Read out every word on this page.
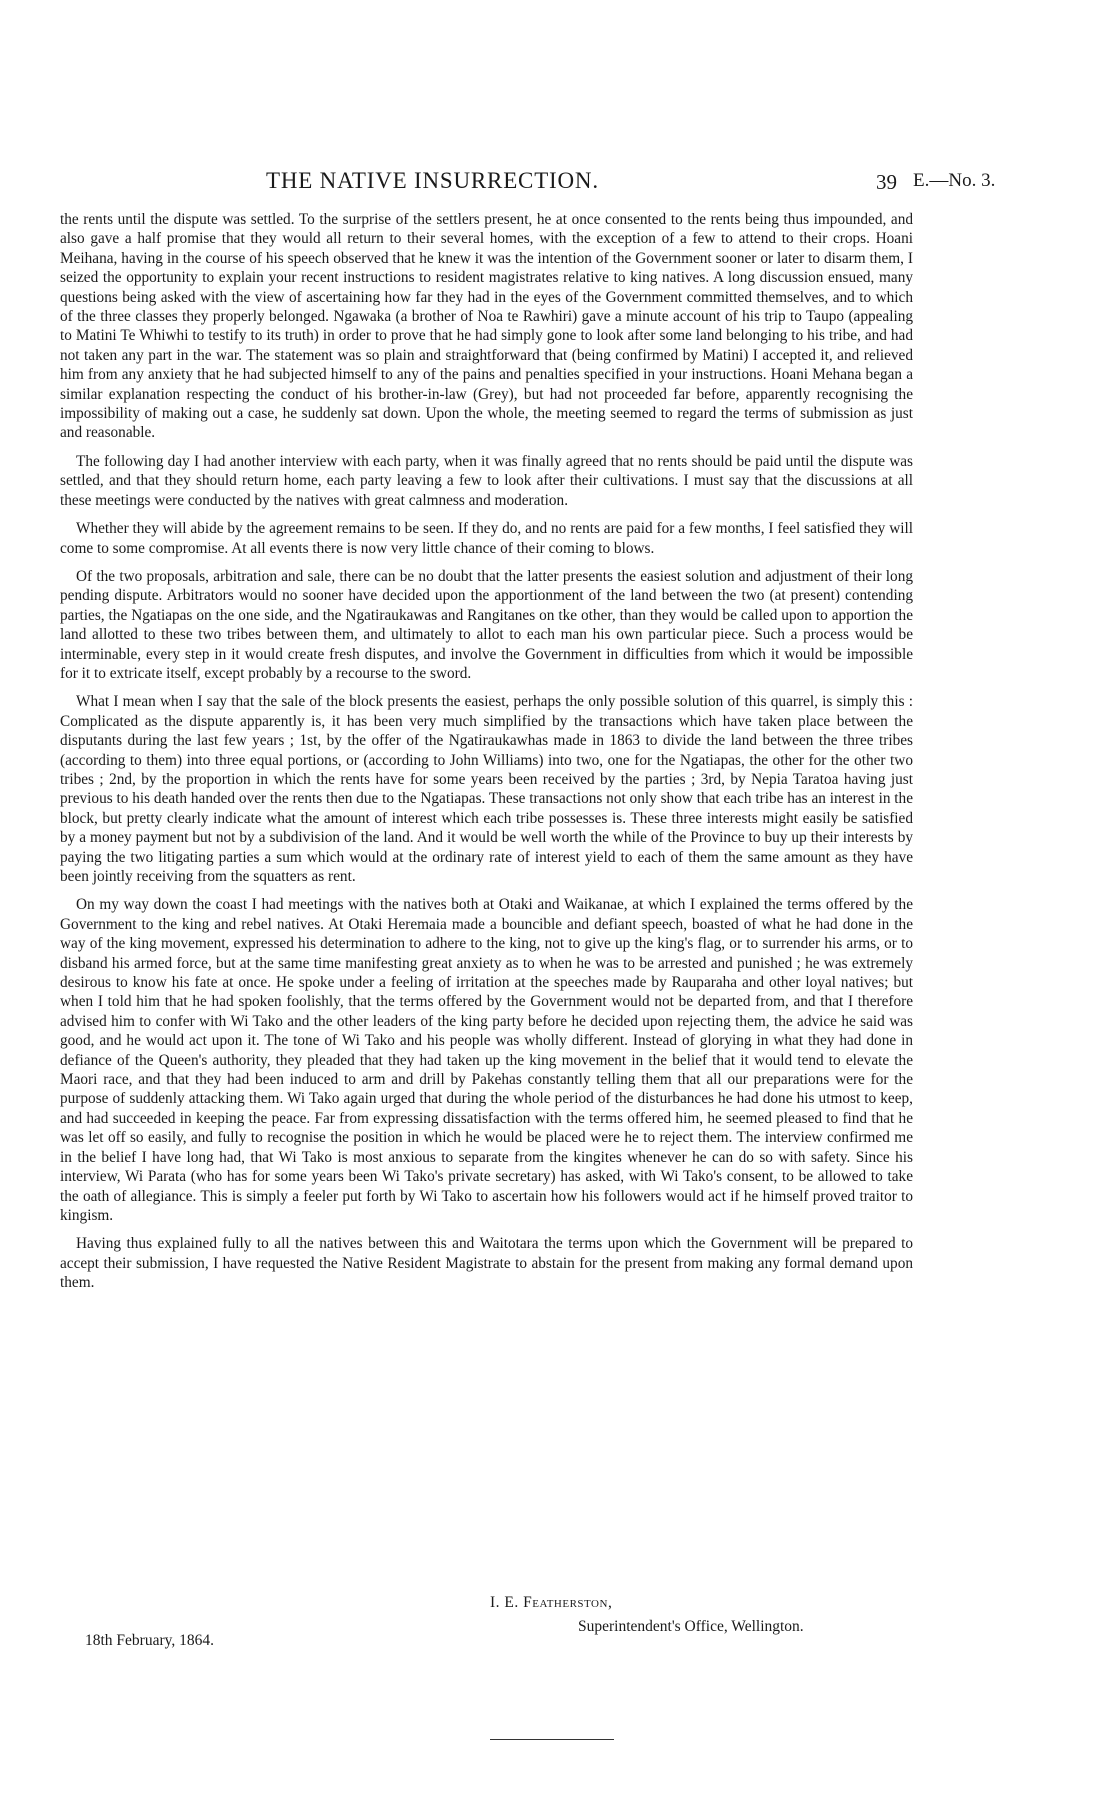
THE NATIVE INSURRECTION.	39 E.—No. 3.

the rents until the dispute was settled. To the surprise of the settlers present, he at once consented to the rents being thus impounded, and also gave a half promise that they would all return to their several homes, with the exception of a few to attend to their crops. Hoani Meihana, having in the course of his speech observed that he knew it was the intention of the Government sooner or later to disarm them, I seized the opportunity to explain your recent instructions to resident magistrates relative to king natives. A long discussion ensued, many questions being asked with the view of ascertaining how far they had in the eyes of the Government committed themselves, and to which of the three classes they properly belonged. Ngawaka (a brother of Noa te Rawhiri) gave a minute account of his trip to Taupo (appealing to Matini Te Whiwhi to testify to its truth) in order to prove that he had simply gone to look after some land belonging to his tribe, and had not taken any part in the war. The statement was so plain and straightforward that (being confirmed by Matini) I accepted it, and relieved him from any anxiety that he had subjected himself to any of the pains and penalties specified in your instructions. Hoani Mehana began a similar explanation respecting the conduct of his brother-in-law (Grey), but had not proceeded far before, apparently recognising the impossibility of making out a case, he suddenly sat down. Upon the whole, the meeting seemed to regard the terms of submission as just and reasonable.

The following day I had another interview with each party, when it was finally agreed that no rents should be paid until the dispute was settled, and that they should return home, each party leaving a few to look after their cultivations. I must say that the discussions at all these meetings were conducted by the natives with great calmness and moderation.

Whether they will abide by the agreement remains to be seen. If they do, and no rents are paid for a few months, I feel satisfied they will come to some compromise. At all events there is now very little chance of their coming to blows.

Of the two proposals, arbitration and sale, there can be no doubt that the latter presents the easiest solution and adjustment of their long pending dispute. Arbitrators would no sooner have decided upon the apportionment of the land between the two (at present) contending parties, the Ngatiapas on the one side, and the Ngatiraukawas and Rangitanes on tke other, than they would be called upon to apportion the land allotted to these two tribes between them, and ultimately to allot to each man his own particular piece. Such a process would be interminable, every step in it would create fresh disputes, and involve the Government in difficulties from which it would be impossible for it to extricate itself, except probably by a recourse to the sword.

What I mean when I say that the sale of the block presents the easiest, perhaps the only possible solution of this quarrel, is simply this : Complicated as the dispute apparently is, it has been very much simplified by the transactions which have taken place between the disputants during the last few years ; 1st, by the offer of the Ngatiraukawhas made in 1863 to divide the land between the three tribes (according to them) into three equal portions, or (according to John Williams) into two, one for the Ngatiapas, the other for the other two tribes ; 2nd, by the proportion in which the rents have for some years been received by the parties ; 3rd, by Nepia Taratoa having just previous to his death handed over the rents then due to the Ngatiapas. These transactions not only show that each tribe has an interest in the block, but pretty clearly indicate what the amount of interest which each tribe possesses is. These three interests might easily be satisfied by a money payment but not by a subdivision of the land. And it would be well worth the while of the Province to buy up their interests by paying the two litigating parties a sum which would at the ordinary rate of interest yield to each of them the same amount as they have been jointly receiving from the squatters as rent.

On my way down the coast I had meetings with the natives both at Otaki and Waikanae, at which I explained the terms offered by the Government to the king and rebel natives. At Otaki Heremaia made a bouncible and defiant speech, boasted of what he had done in the way of the king movement, expressed his determination to adhere to the king, not to give up the king's flag, or to surrender his arms, or to disband his armed force, but at the same time manifesting great anxiety as to when he was to be arrested and punished ; he was extremely desirous to know his fate at once. He spoke under a feeling of irritation at the speeches made by Rauparaha and other loyal natives; but when I told him that he had spoken foolishly, that the terms offered by the Government would not be departed from, and that I therefore advised him to confer with Wi Tako and the other leaders of the king party before he decided upon rejecting them, the advice he said was good, and he would act upon it. The tone of Wi Tako and his people was wholly different. Instead of glorying in what they had done in defiance of the Queen's authority, they pleaded that they had taken up the king movement in the belief that it would tend to elevate the Maori race, and that they had been induced to arm and drill by Pakehas constantly telling them that all our preparations were for the purpose of suddenly attacking them. Wi Tako again urged that during the whole period of the disturbances he had done his utmost to keep, and had succeeded in keeping the peace. Far from expressing dissatisfaction with the terms offered him, he seemed pleased to find that he was let off so easily, and fully to recognise the position in which he would be placed were he to reject them. The interview confirmed me in the belief I have long had, that Wi Tako is most anxious to separate from the kingites whenever he can do so with safety. Since his interview, Wi Parata (who has for some years been Wi Tako's private secretary) has asked, with Wi Tako's consent, to be allowed to take the oath of allegiance. This is simply a feeler put forth by Wi Tako to ascertain how his followers would act if he himself proved traitor to kingism.

Having thus explained fully to all the natives between this and Waitotara the terms upon which the Government will be prepared to accept their submission, I have requested the Native Resident Magistrate to abstain for the present from making any formal demand upon them.

I. E. Featherston,
Superintendent's Office, Wellington.
18th February, 1864.
